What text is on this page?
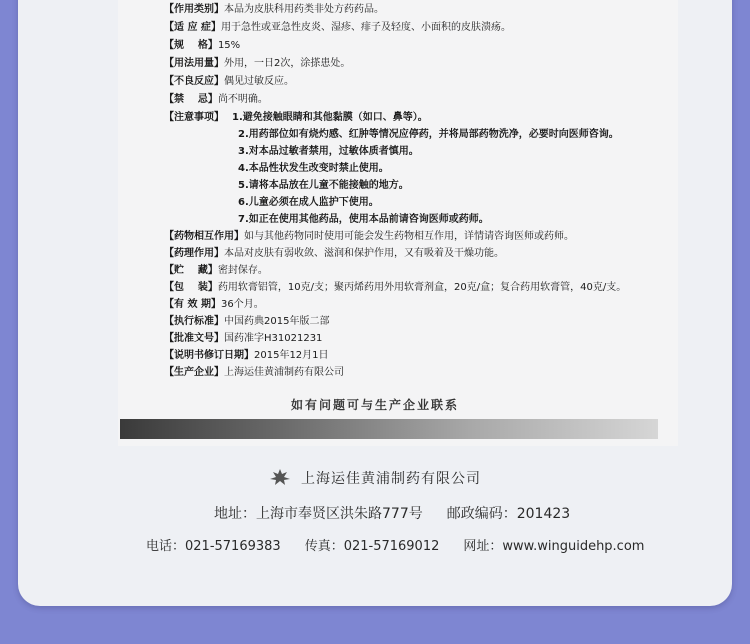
【作用类别】本品为皮肤科用药类非处方药药品。
【适 应 症】用于急性或亚急性皮炎、湿疹、痱子及轻度、小面积的皮肤溃疡。
【规    格】15%
【用法用量】外用，一日2次，涂搽患处。
【不良反应】偶见过敏反应。
【禁    忌】尚不明确。
【注意事项】 1.避免接触眼睛和其他黏膜（如口、鼻等）。
2.用药部位如有烧灼感、红肿等情况应停药，并将局部药物洗净，必要时向医师咨询。
3.对本品过敏者禁用，过敏体质者慎用。
4.本品性状发生改变时禁止使用。
5.请将本品放在儿童不能接触的地方。
6.儿童必须在成人监护下使用。
7.如正在使用其他药品，使用本品前请咨询医师或药师。
【药物相互作用】如与其他药物同时使用可能会发生药物相互作用，详情请咨询医师或药师。
【药理作用】本品对皮肤有弱收敛、滋润和保护作用，又有吸着及干燥功能。
【贮    藏】密封保存。
【包    装】药用软膏铝管，10克/支；聚丙烯药用外用软膏剂盒，20克/盒；复合药用软膏管，40克/支。
【有 效 期】36个月。
【执行标准】中国药典2015年版二部
【批准文号】国药准字H31021231
【说明书修订日期】2015年12月1日
【生产企业】上海运佳黄浦制药有限公司
如有问题可与生产企业联系
上海运佳黄浦制药有限公司
地址：上海市奉贤区洪朱路777号 邮政编码：201423
电话：021-57169383 传真：021-57169012 网址：www.winguidehp.com
